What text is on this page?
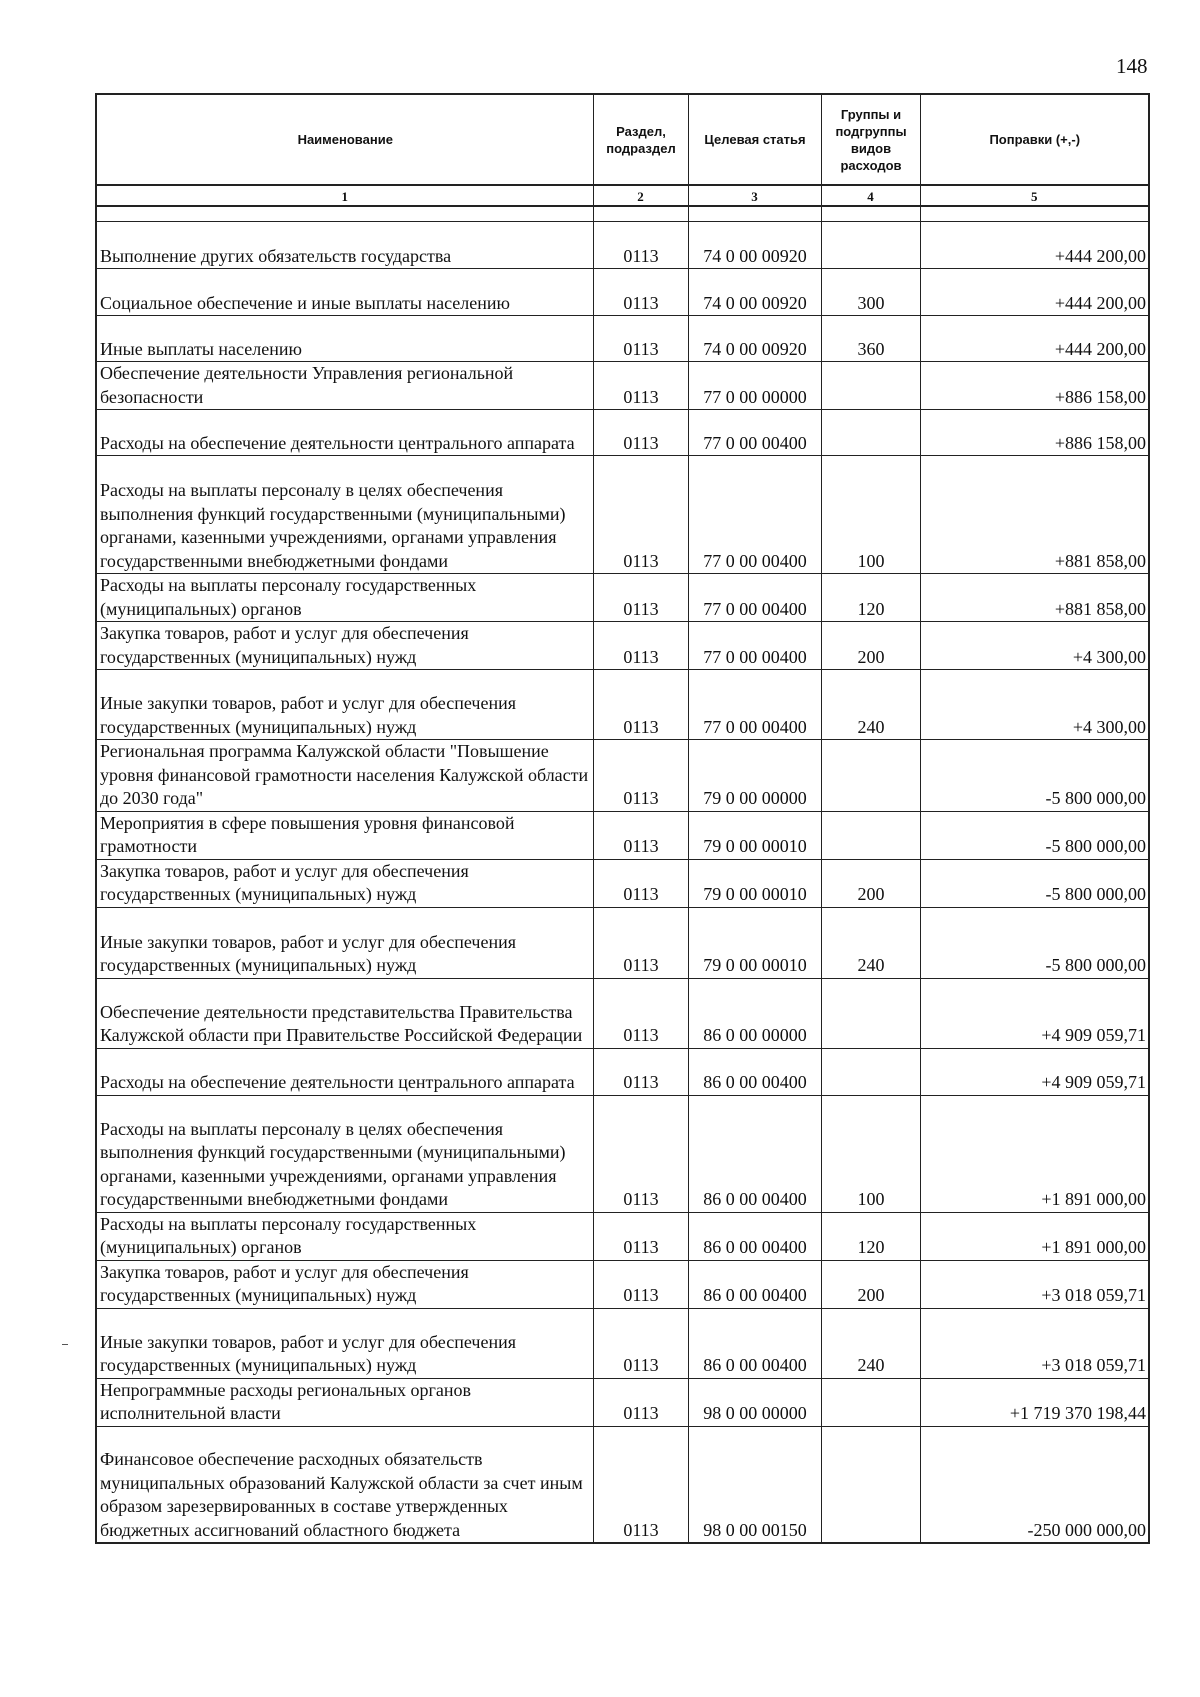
148
Наименование	Раздел, подраздел	Целевая статья	Группы и подгруппы видов расходов	Поправки (+,-)
1	2	3	4	5

Выполнение других обязательств государства	0113	74 0 00 00920		+444 200,00
Социальное обеспечение и иные выплаты населению	0113	74 0 00 00920	300	+444 200,00
Иные выплаты населению	0113	74 0 00 00920	360	+444 200,00
Обеспечение деятельности Управления региональной безопасности	0113	77 0 00 00000		+886 158,00
Расходы на обеспечение деятельности центрального аппарата	0113	77 0 00 00400		+886 158,00
Расходы на выплаты персоналу в целях обеспечения выполнения функций государственными (муниципальными) органами, казенными учреждениями, органами управления государственными внебюджетными фондами	0113	77 0 00 00400	100	+881 858,00
Расходы на выплаты персоналу государственных (муниципальных) органов	0113	77 0 00 00400	120	+881 858,00
Закупка товаров, работ и услуг для обеспечения государственных (муниципальных) нужд	0113	77 0 00 00400	200	+4 300,00
Иные закупки товаров, работ и услуг для обеспечения государственных (муниципальных) нужд	0113	77 0 00 00400	240	+4 300,00
Региональная программа Калужской области "Повышение уровня финансовой грамотности населения Калужской области до 2030 года"	0113	79 0 00 00000		-5 800 000,00
Мероприятия в сфере повышения уровня финансовой грамотности	0113	79 0 00 00010		-5 800 000,00
Закупка товаров, работ и услуг для обеспечения государственных (муниципальных) нужд	0113	79 0 00 00010	200	-5 800 000,00
Иные закупки товаров, работ и услуг для обеспечения государственных (муниципальных) нужд	0113	79 0 00 00010	240	-5 800 000,00
Обеспечение деятельности представительства Правительства Калужской области при Правительстве Российской Федерации	0113	86 0 00 00000		+4 909 059,71
Расходы на обеспечение деятельности центрального аппарата	0113	86 0 00 00400		+4 909 059,71
Расходы на выплаты персоналу в целях обеспечения выполнения функций государственными (муниципальными) органами, казенными учреждениями, органами управления государственными внебюджетными фондами	0113	86 0 00 00400	100	+1 891 000,00
Расходы на выплаты персоналу государственных (муниципальных) органов	0113	86 0 00 00400	120	+1 891 000,00
Закупка товаров, работ и услуг для обеспечения государственных (муниципальных) нужд	0113	86 0 00 00400	200	+3 018 059,71
Иные закупки товаров, работ и услуг для обеспечения государственных (муниципальных) нужд	0113	86 0 00 00400	240	+3 018 059,71
Непрограммные расходы региональных органов исполнительной власти	0113	98 0 00 00000		+1 719 370 198,44
Финансовое обеспечение расходных обязательств муниципальных образований Калужской области за счет иным образом зарезервированных в составе утвержденных бюджетных ассигнований областного бюджета	0113	98 0 00 00150		-250 000 000,00
